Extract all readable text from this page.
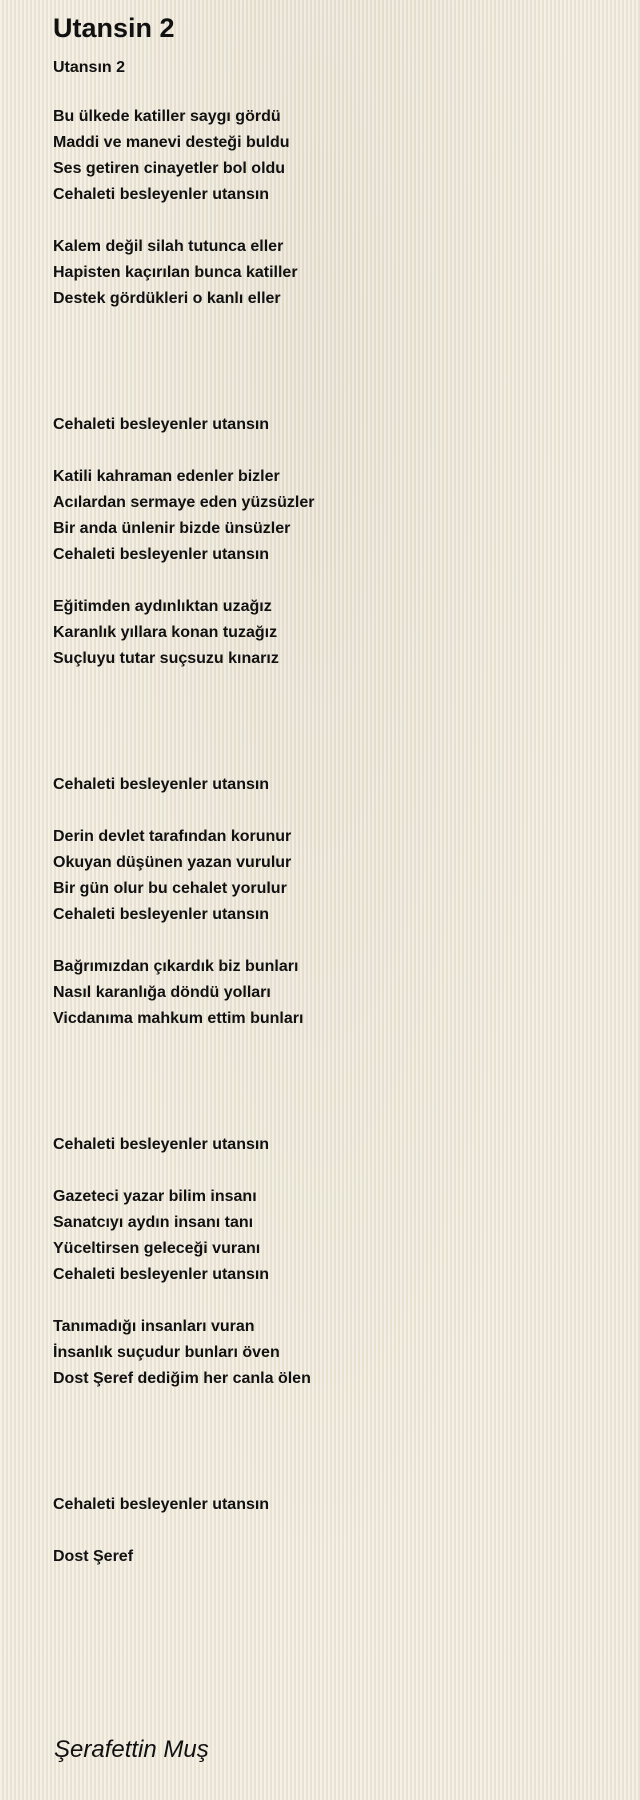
Utansin 2
Utansın 2
Bu ülkede katiller saygı gördü
Maddi ve manevi desteği buldu
Ses getiren cinayetler bol oldu
Cehaleti besleyenler utansın
Kalem değil silah tutunca eller
Hapisten kaçırılan bunca katiller
Destek gördükleri o kanlı eller
Cehaleti besleyenler utansın
Katili kahraman edenler bizler
Acılardan sermaye eden yüzsüzler
Bir anda ünlenir bizde ünsüzler
Cehaleti besleyenler utansın
Eğitimden aydınlıktan uzağız
Karanlık yıllara konan tuzağız
Suçluyu tutar suçsuzu kınarız
Cehaleti besleyenler utansın
Derin devlet tarafından korunur
Okuyan düşünen yazan vurulur
Bir gün olur bu cehalet yorulur
Cehaleti besleyenler utansın
Bağrımızdan çıkardık biz bunları
Nasıl karanlığa döndü yolları
Vicdanıma mahkum ettim bunları
Cehaleti besleyenler utansın
Gazeteci yazar bilim insanı
Sanatcıyı aydın insanı tanı
Yüceltirsen geleceği vuranı
Cehaleti besleyenler utansın
Tanımadığı insanları vuran
İnsanlık suçudur bunları öven
Dost Şeref dediğim her canla ölen
Cehaleti besleyenler utansın
Dost Şeref
Şerafettin Muş
